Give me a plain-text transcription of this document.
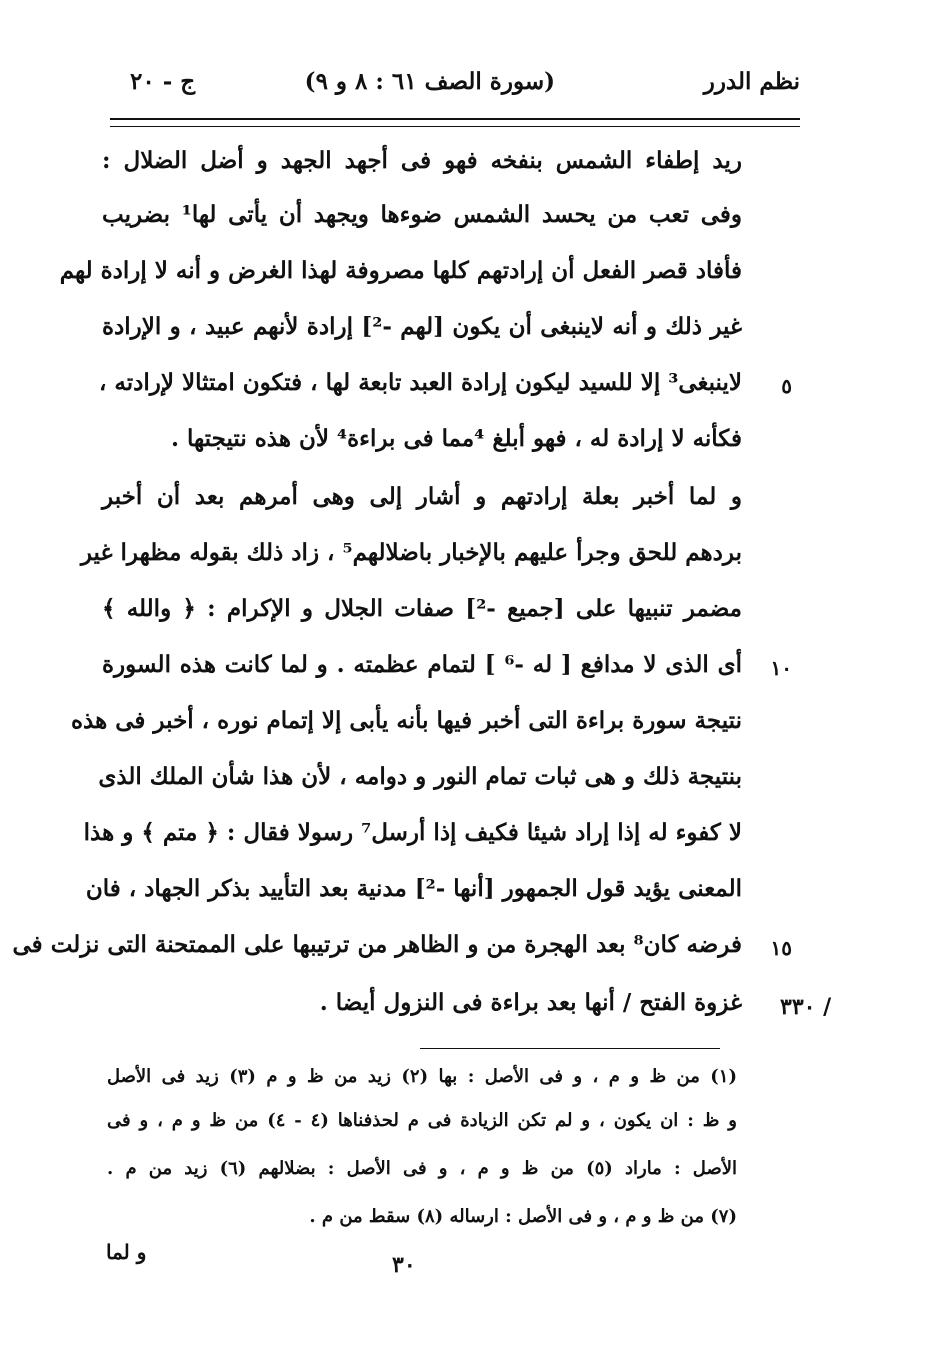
نظم الدرر
(سورة الصف ٦١ : ٨ و ٩)
ج - ٢٠
ريد إطفاء الشمس بنفخه فهو فى أجهد الجهد و أضل الضلال :
وفى تعب من يحسد الشمس ضوءها ويجهد أن يأتى لها¹ بضريب
فأفاد قصر الفعل أن إرادتهم كلها مصروفة لهذا الغرض و أنه لا إرادة لهم
غير ذلك و أنه لاينبغى أن يكون [لهم -²] إرادة لأنهم عبيد ، و الإرادة
لاينبغى³ إلا للسيد ليكون إرادة العبد تابعة لها ، فتكون امتثالا لإرادته ،
فكأنه لا إرادة له ، فهو أبلغ ⁴مما فى براءة⁴ لأن هذه نتيجتها .
و لما أخبر بعلة إرادتهم و أشار إلى وهى أمرهم بعد أن أخبر
بردهم للحق وجرأ عليهم بالإخبار باضلالهم⁵ ، زاد ذلك بقوله مظهرا غير
مضمر تنبيها على [جميع -²] صفات الجلال و الإكرام : ﴿ والله ﴾
أى الذى لا مدافع [ له -⁶ ] لتمام عظمته . و لما كانت هذه السورة
نتيجة سورة براءة التى أخبر فيها بأنه يأبى إلا إتمام نوره ، أخبر فى هذه
بنتيجة ذلك و هى ثبات تمام النور و دوامه ، لأن هذا شأن الملك الذى
لا كفوء له إذا إراد شيئا فكيف إذا أرسل⁷ رسولا فقال : ﴿ متم ﴾ و هذا
المعنى يؤيد قول الجمهور [أنها -²] مدنية بعد التأييد بذكر الجهاد ، فان
فرضه كان⁸ بعد الهجرة من و الظاهر من ترتيبها على الممتحنة التى نزلت فى
غزوة الفتح / أنها بعد براءة فى النزول أيضا .
٥
١٠
١٥
/ ٣٣٠
(١) من ظ و م ، و فى الأصل : بها (٢) زيد من ظ و م (٣) زيد فى الأصل
و ظ : ان يكون ، و لم تكن الزيادة فى م لحذفناها (٤ - ٤) من ظ و م ، و فى
الأصل : ماراد (٥) من ظ و م ، و فى الأصل : بضلالهم (٦) زيد من م .
(٧) من ظ و م ، و فى الأصل : ارساله (٨) سقط من م .
٣٠
و لما
